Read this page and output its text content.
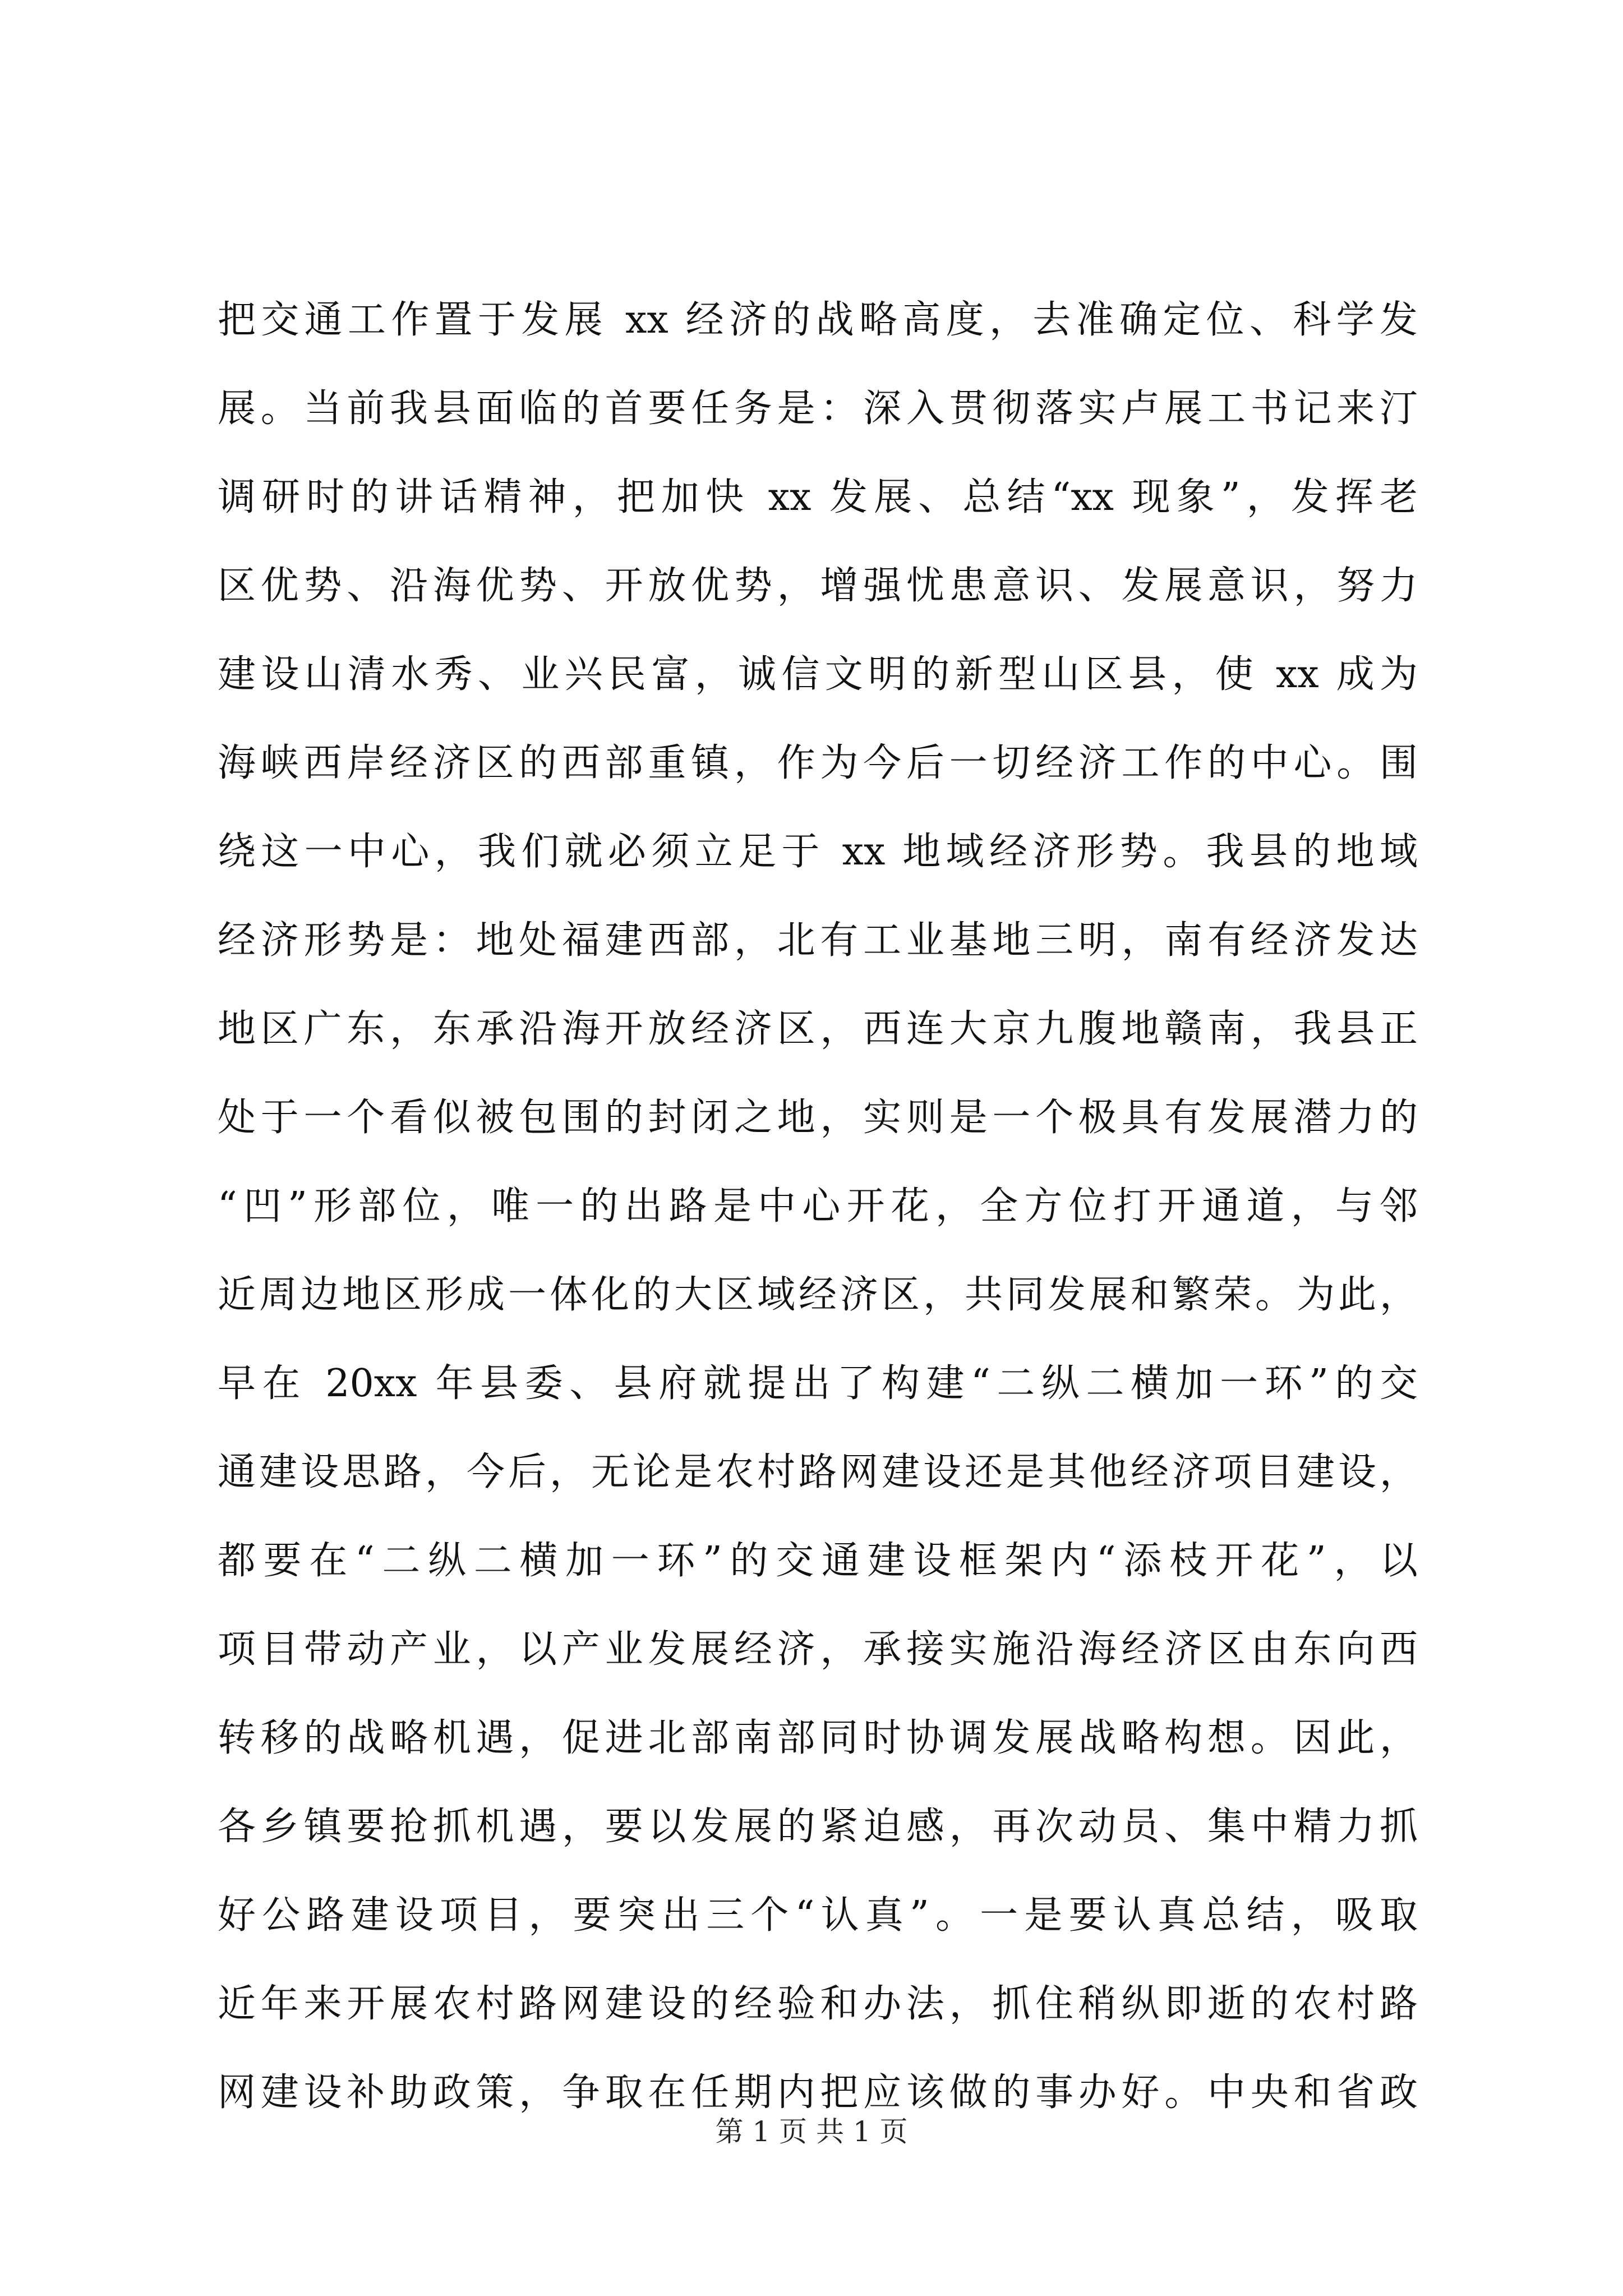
把交通工作置于发展 xx 经济的战略高度，去准确定位、科学发
展。当前我县面临的首要任务是：深入贯彻落实卢展工书记来汀
调研时的讲话精神，把加快 xx 发展、总结“xx 现象”，发挥老
区优势、沿海优势、开放优势，增强忧患意识、发展意识，努力
建设山清水秀、业兴民富，诚信文明的新型山区县，使 xx 成为
海峡西岸经济区的西部重镇，作为今后一切经济工作的中心。围
绕这一中心，我们就必须立足于 xx 地域经济形势。我县的地域
经济形势是：地处福建西部，北有工业基地三明，南有经济发达
地区广东，东承沿海开放经济区，西连大京九腹地赣南，我县正
处于一个看似被包围的封闭之地，实则是一个极具有发展潜力的
“凹”形部位，唯一的出路是中心开花，全方位打开通道，与邻
近周边地区形成一体化的大区域经济区，共同发展和繁荣。为此，
早在 20xx 年县委、县府就提出了构建“二纵二横加一环”的交
通建设思路，今后，无论是农村路网建设还是其他经济项目建设，
都要在“二纵二横加一环”的交通建设框架内“添枝开花”，以
项目带动产业，以产业发展经济，承接实施沿海经济区由东向西
转移的战略机遇，促进北部南部同时协调发展战略构想。因此，
各乡镇要抢抓机遇，要以发展的紧迫感，再次动员、集中精力抓
好公路建设项目，要突出三个“认真”。一是要认真总结，吸取
近年来开展农村路网建设的经验和办法，抓住稍纵即逝的农村路
网建设补助政策，争取在任期内把应该做的事办好。中央和省政
第 1 页 共 1 页
